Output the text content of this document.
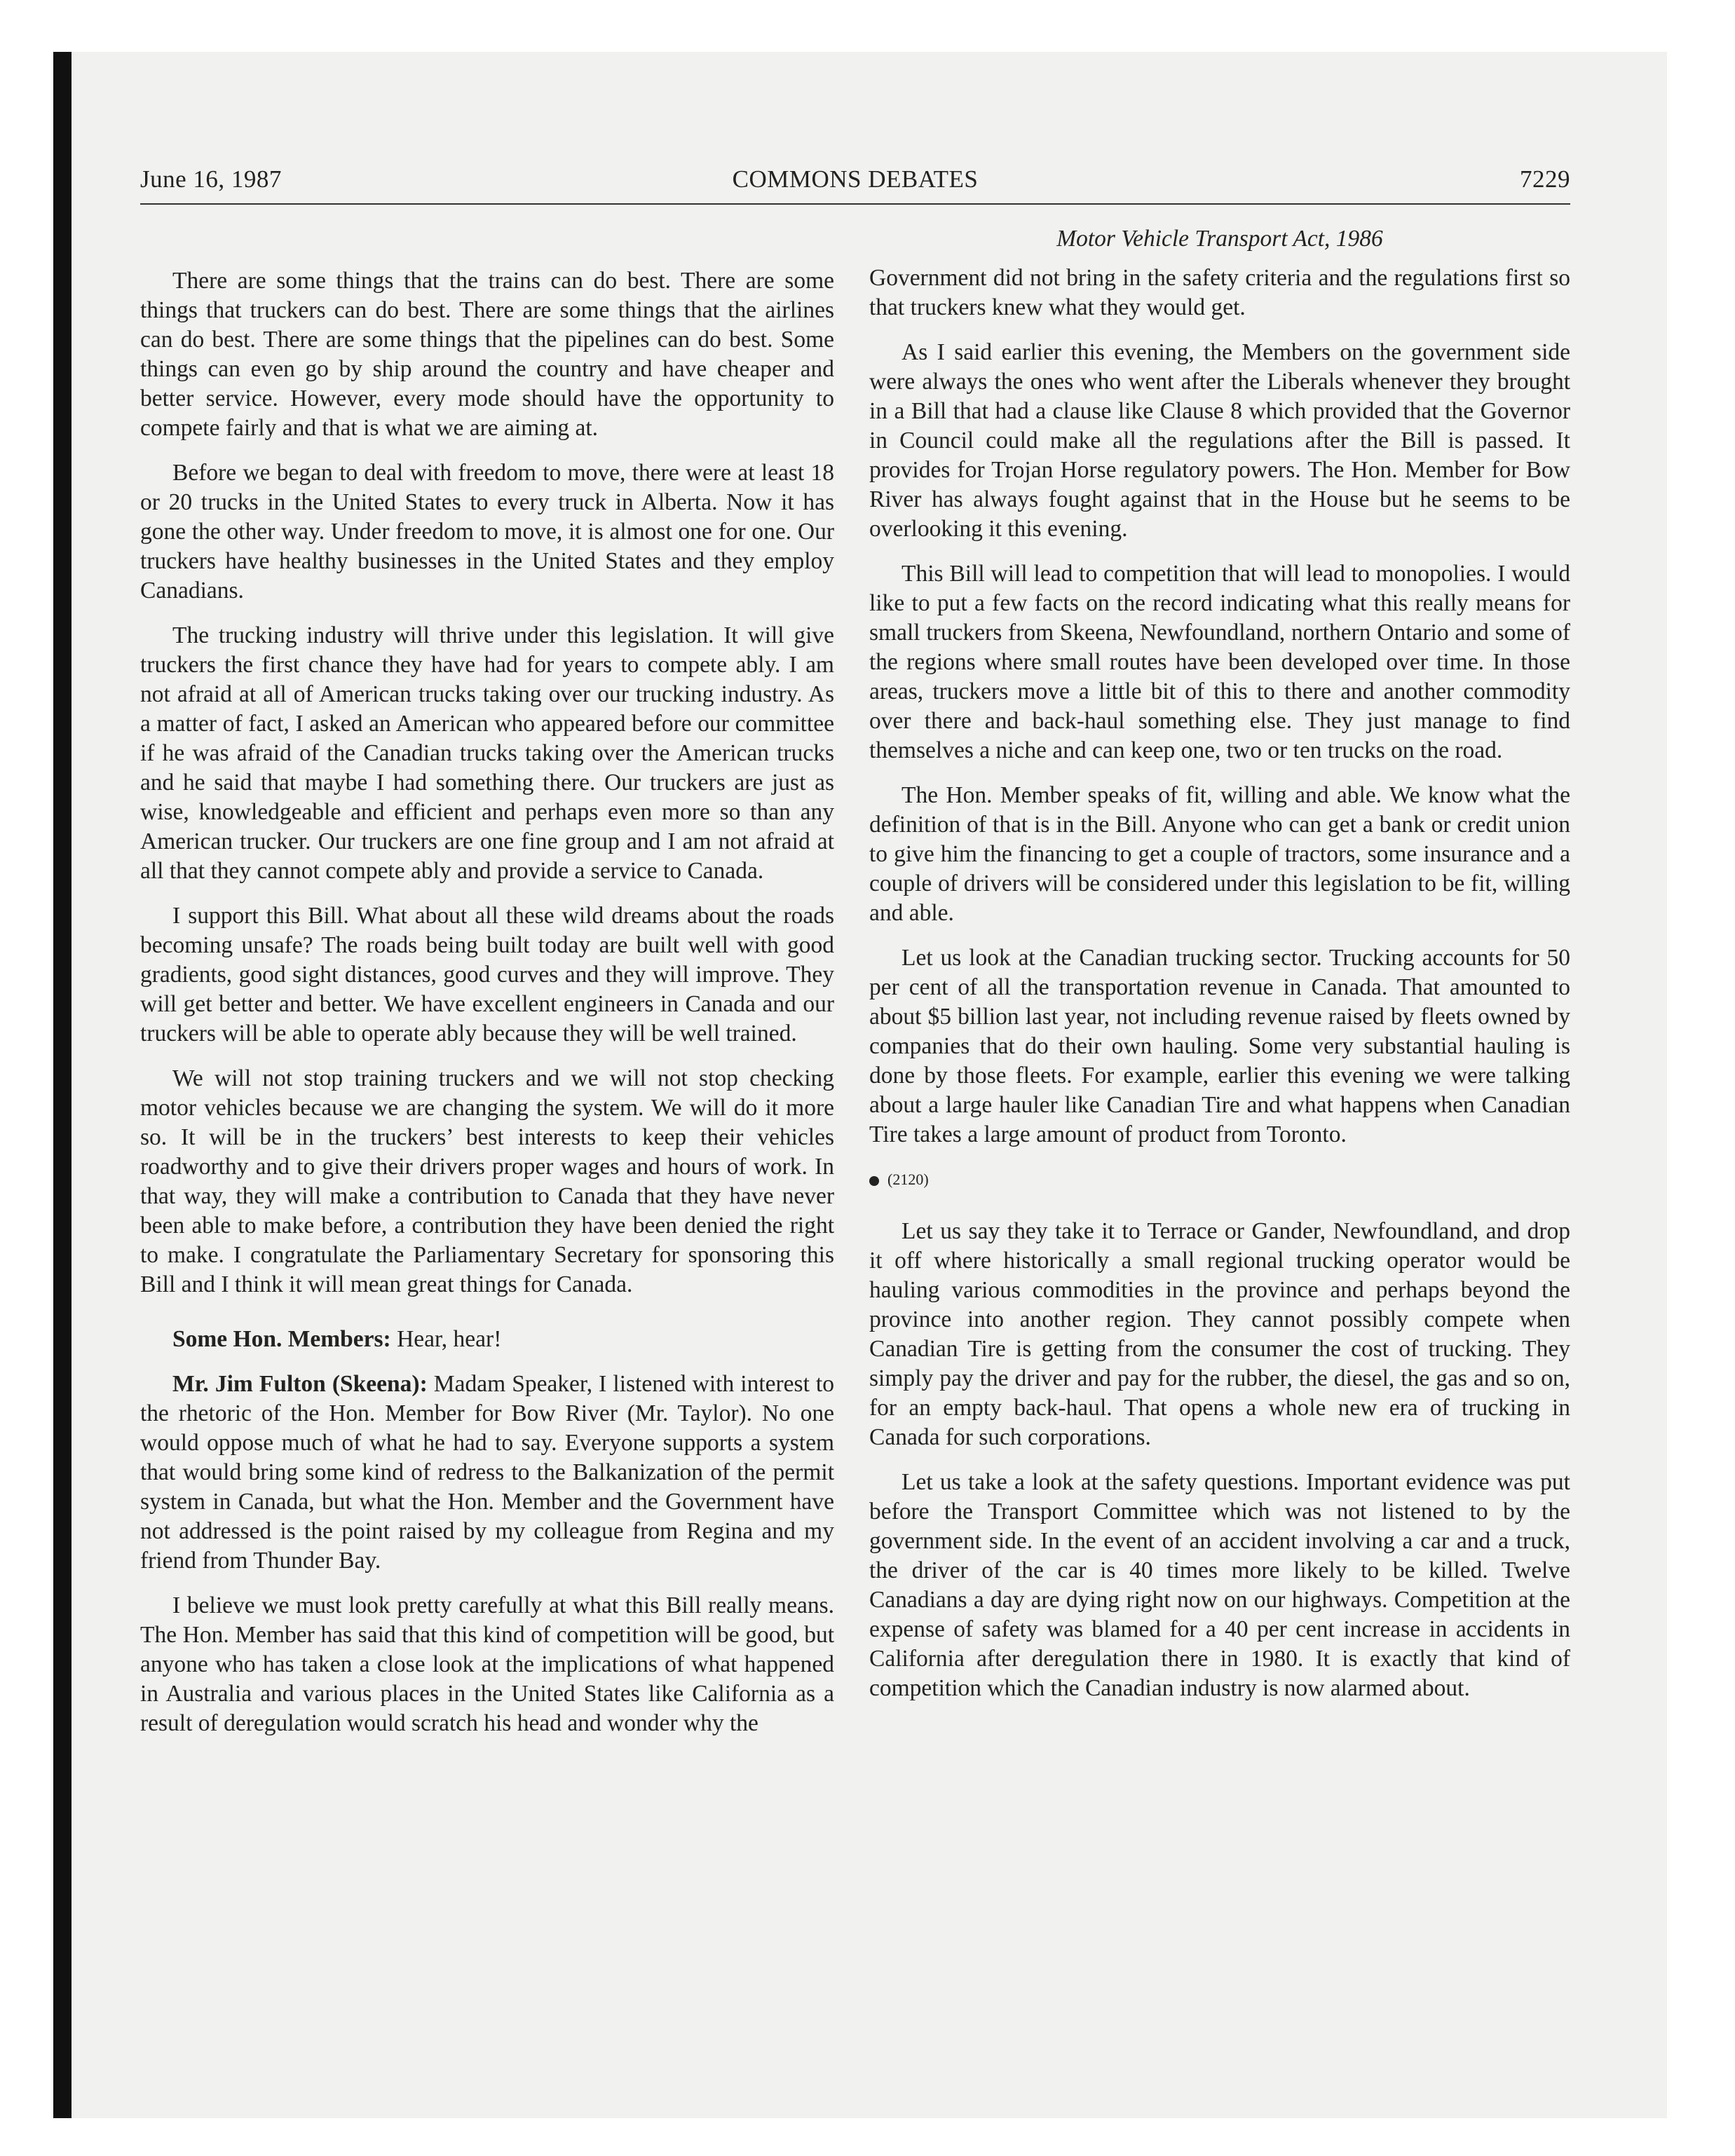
June 16, 1987	COMMONS DEBATES	7229

There are some things that the trains can do best. There are some things that truckers can do best. There are some things that the airlines can do best. There are some things that the pipelines can do best. Some things can even go by ship around the country and have cheaper and better service. However, every mode should have the opportunity to compete fairly and that is what we are aiming at.

Before we began to deal with freedom to move, there were at least 18 or 20 trucks in the United States to every truck in Alberta. Now it has gone the other way. Under freedom to move, it is almost one for one. Our truckers have healthy businesses in the United States and they employ Canadians.

The trucking industry will thrive under this legislation. It will give truckers the first chance they have had for years to compete ably. I am not afraid at all of American trucks taking over our trucking industry. As a matter of fact, I asked an American who appeared before our committee if he was afraid of the Canadian trucks taking over the American trucks and he said that maybe I had something there. Our truckers are just as wise, knowledgeable and efficient and perhaps even more so than any American trucker. Our truckers are one fine group and I am not afraid at all that they cannot compete ably and provide a service to Canada.

I support this Bill. What about all these wild dreams about the roads becoming unsafe? The roads being built today are built well with good gradients, good sight distances, good curves and they will improve. They will get better and better. We have excellent engineers in Canada and our truckers will be able to operate ably because they will be well trained.

We will not stop training truckers and we will not stop checking motor vehicles because we are changing the system. We will do it more so. It will be in the truckers’ best interests to keep their vehicles roadworthy and to give their drivers proper wages and hours of work. In that way, they will make a contribution to Canada that they have never been able to make before, a contribution they have been denied the right to make. I congratulate the Parliamentary Secretary for sponsoring this Bill and I think it will mean great things for Canada.

Some Hon. Members: Hear, hear!

Mr. Jim Fulton (Skeena): Madam Speaker, I listened with interest to the rhetoric of the Hon. Member for Bow River (Mr. Taylor). No one would oppose much of what he had to say. Everyone supports a system that would bring some kind of redress to the Balkanization of the permit system in Canada, but what the Hon. Member and the Government have not addressed is the point raised by my colleague from Regina and my friend from Thunder Bay.

I believe we must look pretty carefully at what this Bill really means. The Hon. Member has said that this kind of competition will be good, but anyone who has taken a close look at the implications of what happened in Australia and various places in the United States like California as a result of deregulation would scratch his head and wonder why the

Motor Vehicle Transport Act, 1986

Government did not bring in the safety criteria and the regulations first so that truckers knew what they would get.

As I said earlier this evening, the Members on the government side were always the ones who went after the Liberals whenever they brought in a Bill that had a clause like Clause 8 which provided that the Governor in Council could make all the regulations after the Bill is passed. It provides for Trojan Horse regulatory powers. The Hon. Member for Bow River has always fought against that in the House but he seems to be overlooking it this evening.

This Bill will lead to competition that will lead to monopolies. I would like to put a few facts on the record indicating what this really means for small truckers from Skeena, Newfoundland, northern Ontario and some of the regions where small routes have been developed over time. In those areas, truckers move a little bit of this to there and another commodity over there and back-haul something else. They just manage to find themselves a niche and can keep one, two or ten trucks on the road.

The Hon. Member speaks of fit, willing and able. We know what the definition of that is in the Bill. Anyone who can get a bank or credit union to give him the financing to get a couple of tractors, some insurance and a couple of drivers will be considered under this legislation to be fit, willing and able.

Let us look at the Canadian trucking sector. Trucking accounts for 50 per cent of all the transportation revenue in Canada. That amounted to about $5 billion last year, not including revenue raised by fleets owned by companies that do their own hauling. Some very substantial hauling is done by those fleets. For example, earlier this evening we were talking about a large hauler like Canadian Tire and what happens when Canadian Tire takes a large amount of product from Toronto.

(2120)

Let us say they take it to Terrace or Gander, Newfoundland, and drop it off where historically a small regional trucking operator would be hauling various commodities in the province and perhaps beyond the province into another region. They cannot possibly compete when Canadian Tire is getting from the consumer the cost of trucking. They simply pay the driver and pay for the rubber, the diesel, the gas and so on, for an empty back-haul. That opens a whole new era of trucking in Canada for such corporations.

Let us take a look at the safety questions. Important evidence was put before the Transport Committee which was not listened to by the government side. In the event of an accident involving a car and a truck, the driver of the car is 40 times more likely to be killed. Twelve Canadians a day are dying right now on our highways. Competition at the expense of safety was blamed for a 40 per cent increase in accidents in California after deregulation there in 1980. It is exactly that kind of competition which the Canadian industry is now alarmed about.
